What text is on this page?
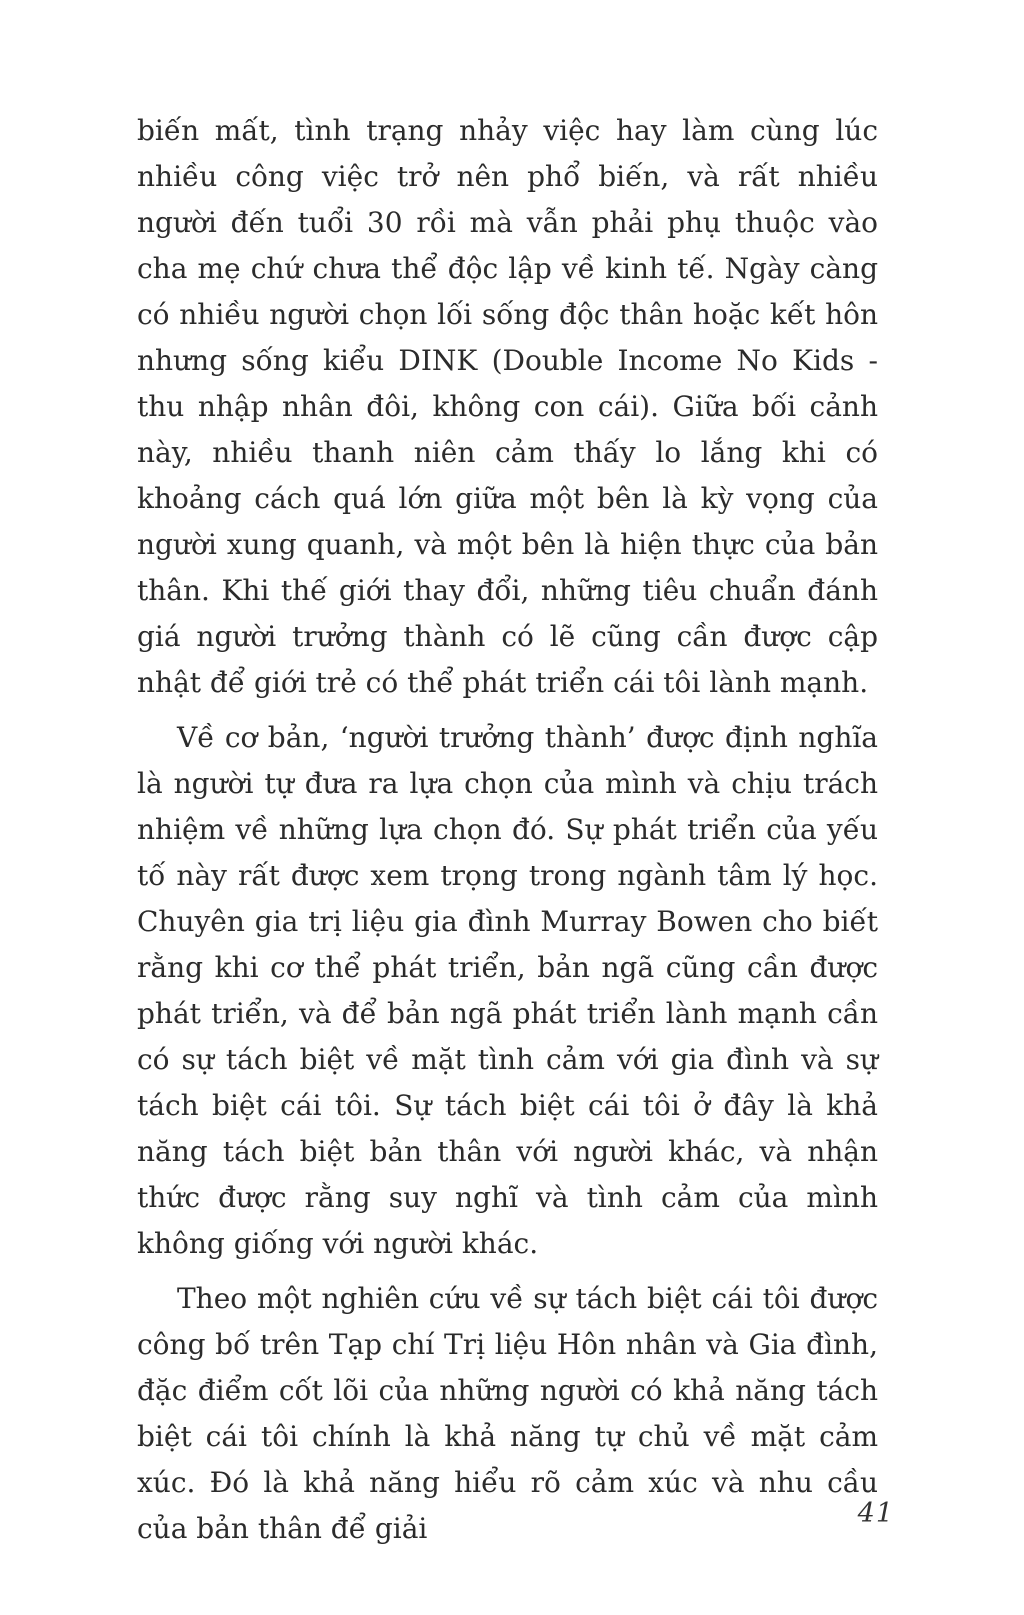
biến mất, tình trạng nhảy việc hay làm cùng lúc nhiều công việc trở nên phổ biến, và rất nhiều người đến tuổi 30 rồi mà vẫn phải phụ thuộc vào cha mẹ chứ chưa thể độc lập về kinh tế. Ngày càng có nhiều người chọn lối sống độc thân hoặc kết hôn nhưng sống kiểu DINK (Double Income No Kids - thu nhập nhân đôi, không con cái). Giữa bối cảnh này, nhiều thanh niên cảm thấy lo lắng khi có khoảng cách quá lớn giữa một bên là kỳ vọng của người xung quanh, và một bên là hiện thực của bản thân. Khi thế giới thay đổi, những tiêu chuẩn đánh giá người trưởng thành có lẽ cũng cần được cập nhật để giới trẻ có thể phát triển cái tôi lành mạnh.

Về cơ bản, ‘người trưởng thành’ được định nghĩa là người tự đưa ra lựa chọn của mình và chịu trách nhiệm về những lựa chọn đó. Sự phát triển của yếu tố này rất được xem trọng trong ngành tâm lý học. Chuyên gia trị liệu gia đình Murray Bowen cho biết rằng khi cơ thể phát triển, bản ngã cũng cần được phát triển, và để bản ngã phát triển lành mạnh cần có sự tách biệt về mặt tình cảm với gia đình và sự tách biệt cái tôi. Sự tách biệt cái tôi ở đây là khả năng tách biệt bản thân với người khác, và nhận thức được rằng suy nghĩ và tình cảm của mình không giống với người khác.

Theo một nghiên cứu về sự tách biệt cái tôi được công bố trên Tạp chí Trị liệu Hôn nhân và Gia đình, đặc điểm cốt lõi của những người có khả năng tách biệt cái tôi chính là khả năng tự chủ về mặt cảm xúc. Đó là khả năng hiểu rõ cảm xúc và nhu cầu của bản thân để giải	41
